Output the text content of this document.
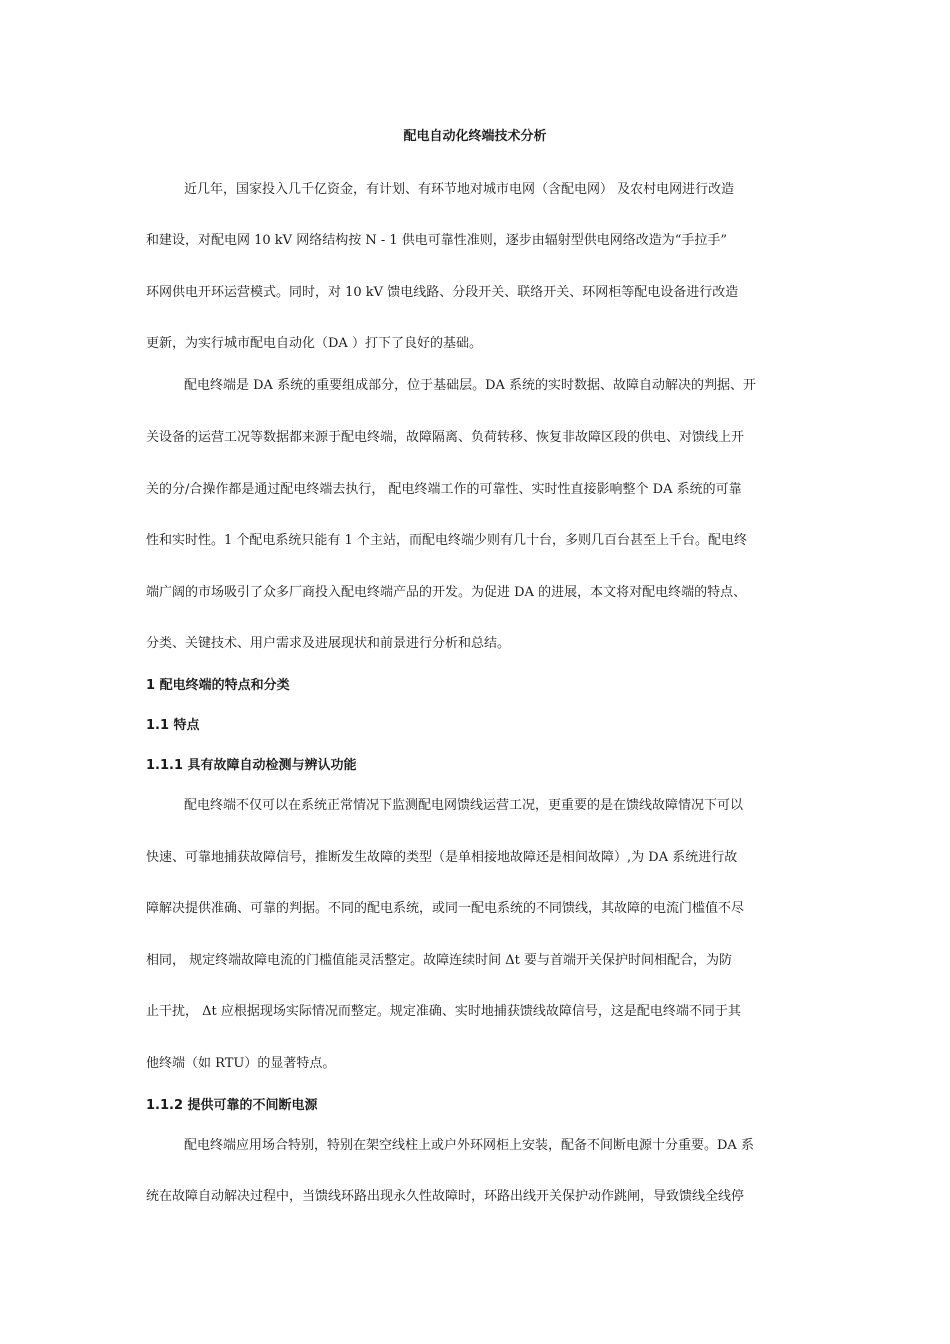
配电自动化终端技术分析
近几年，国家投入几千亿资金，有计划、有环节地对城市电网（含配电网） 及农村电网进行改造
和建设，对配电网 10 kV 网络结构按 N - 1 供电可靠性准则，逐步由辐射型供电网络改造为“手拉手”
环网供电开环运营模式。同时，对 10 kV 馈电线路、分段开关、联络开关、环网柜等配电设备进行改造
更新，为实行城市配电自动化（DA ）打下了良好的基础。
配电终端是 DA 系统的重要组成部分，位于基础层。DA 系统的实时数据、故障自动解决的判据、开
关设备的运营工况等数据都来源于配电终端，故障隔离、负荷转移、恢复非故障区段的供电、对馈线上开
关的分/合操作都是通过配电终端去执行， 配电终端工作的可靠性、实时性直接影响整个 DA 系统的可靠
性和实时性。1 个配电系统只能有 1 个主站，而配电终端少则有几十台，多则几百台甚至上千台。配电终
端广阔的市场吸引了众多厂商投入配电终端产品的开发。为促进 DA 的进展，本文将对配电终端的特点、
分类、关键技术、用户需求及进展现状和前景进行分析和总结。
1 配电终端的特点和分类
1.1 特点
1.1.1 具有故障自动检测与辨认功能
配电终端不仅可以在系统正常情况下监测配电网馈线运营工况，更重要的是在馈线故障情况下可以
快速、可靠地捕获故障信号，推断发生故障的类型（是单相接地故障还是相间故障）,为 DA 系统进行故
障解决提供准确、可靠的判据。不同的配电系统，或同一配电系统的不同馈线，其故障的电流门槛值不尽
相同， 规定终端故障电流的门槛值能灵活整定。故障连续时间 Δt 要与首端开关保护时间相配合，为防
止干扰， Δt 应根据现场实际情况而整定。规定准确、实时地捕获馈线故障信号，这是配电终端不同于其
他终端（如 RTU）的显著特点。
1.1.2 提供可靠的不间断电源
配电终端应用场合特别，特别在架空线柱上或户外环网柜上安装，配备不间断电源十分重要。DA 系
统在故障自动解决过程中，当馈线环路出现永久性故障时，环路出线开关保护动作跳闸，导致馈线全线停
